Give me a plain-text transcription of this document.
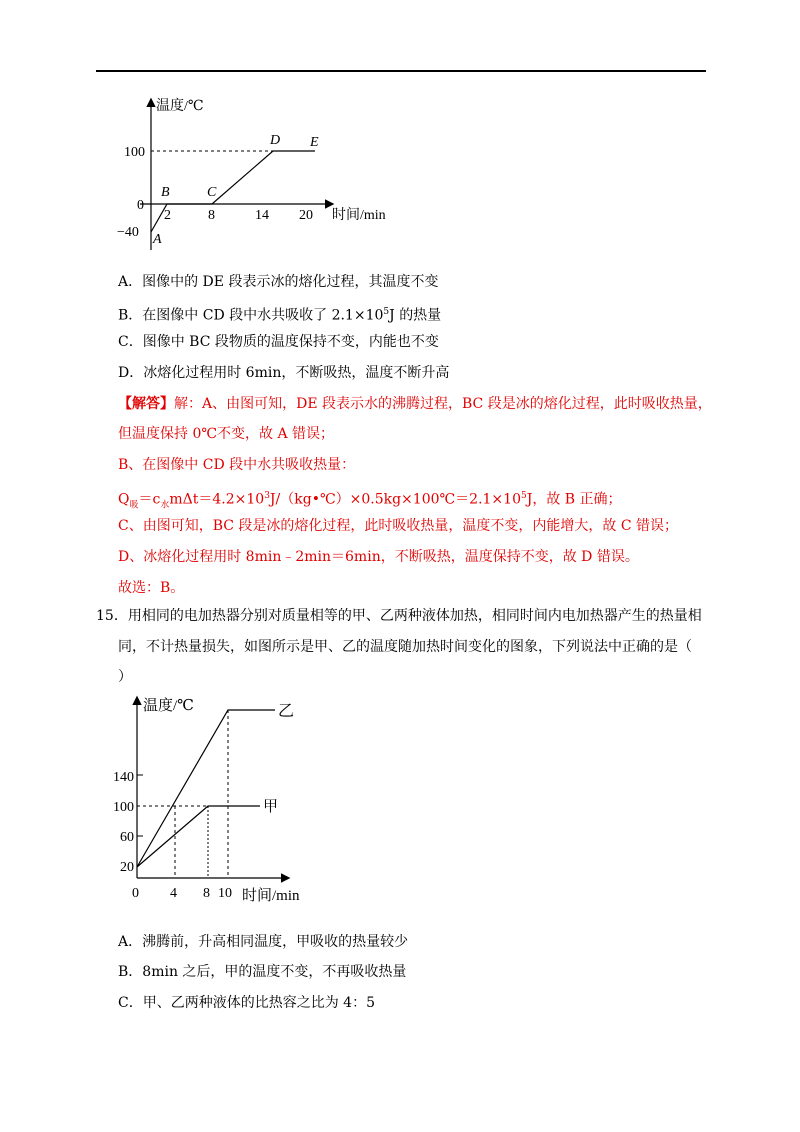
温度/℃
时间/min
100
0
−40
2	8	14 20
A
B	C
D E
A．图像中的 DE 段表示冰的熔化过程，其温度不变
B．在图像中 CD 段中水共吸收了 $2.1\times 10^5J$ 的热量
C．图像中 BC 段物质的温度保持不变，内能也不变
D．冰熔化过程用时 6min，不断吸热，温度不断升高
【解答】解：A、由图可知，DE 段表示水的沸腾过程，BC 段是冰的熔化过程，此时吸收热量，
但温度保持 0℃不变，故 A 错误；
B、在图像中 CD 段中水共吸收热量：
$Q_吸=c_水m\Delta t=4.2\times 10^3J/(kg•℃)\times 0.5kg\times 100℃=2.1\times 10^5J$，故 B 正确；
C、由图可知，BC 段是冰的熔化过程，此时吸收热量，温度不变，内能增大，故 C 错误；
D、冰熔化过程用时 8min﹣2min＝6min，不断吸热，温度保持不变，故 D 错误。
故选：B。
15．用相同的电加热器分别对质量相等的甲、乙两种液体加热，相同时间内电加热器产生的热量相
同，不计热量损失，如图所示是甲、乙的温度随加热时间变化的图象，下列说法中正确的是（
）
温度/℃
时间/min
140
100
60
20
0 4 8 10
乙
甲
A．沸腾前，升高相同温度，甲吸收的热量较少
B．8min 之后，甲的温度不变，不再吸收热量
C．甲、乙两种液体的比热容之比为 4：5
